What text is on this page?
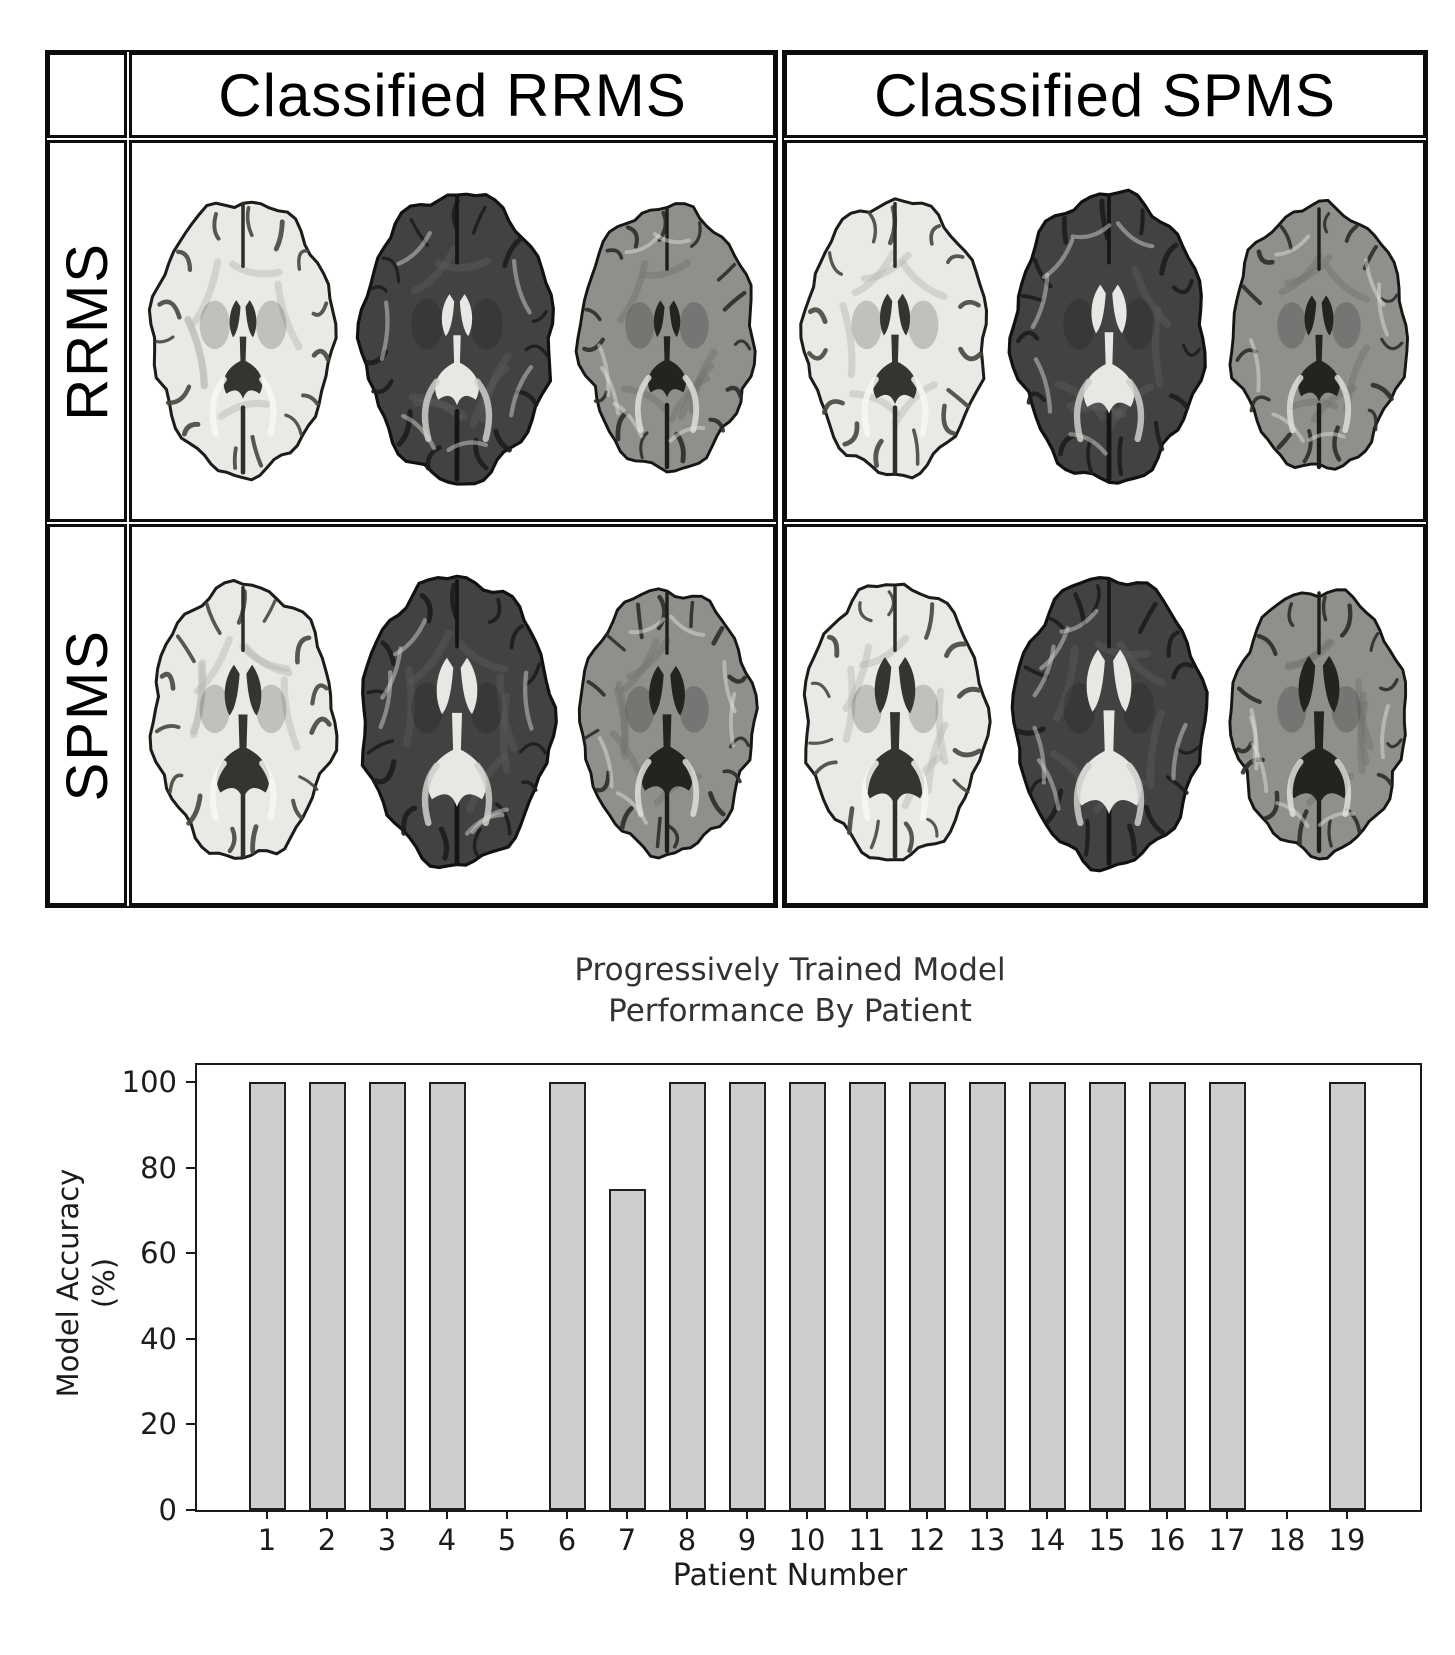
Classified RRMS
RRMS
SPMS
Classified SPMS
Progressively Trained Model
Performance By Patient
0
20
40
60
80
100
1	2	3	4	5	6	7	8	9	10 11 12 13 14 15 16 17 18 19
Model Accuracy (%)
Patient Number
